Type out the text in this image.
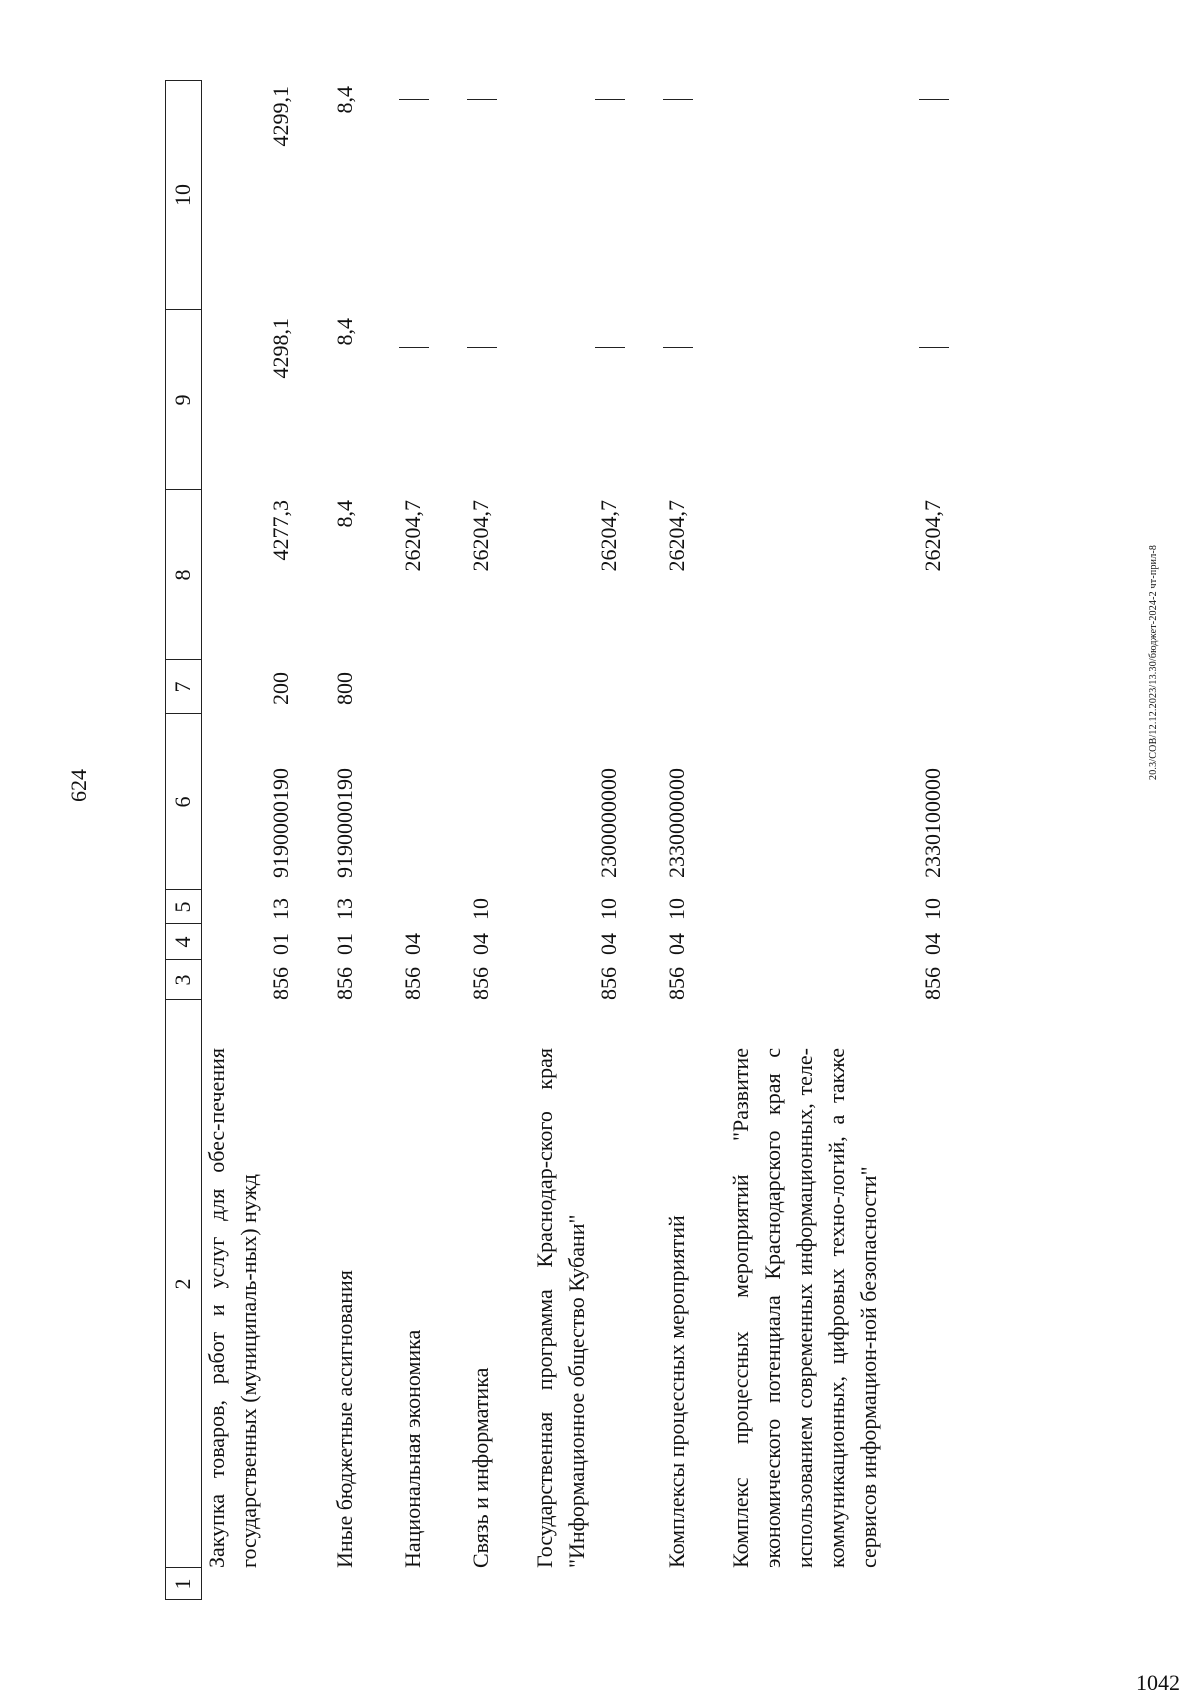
624
20.3/СОВ/12.12.2023/13.30/бюджет-2024-2 чт-прил-8
1042
1
2
3
4
5
6
7
8
9
10
Закупка товаров, работ и услуг для обес-печения государственных (муниципаль-ных) нужд
856
01
13
9190000190
200
4277,3
4298,1
4299,1
Иные бюджетные ассигнования
856
01
13
9190000190
800
8,4
8,4
8,4
Национальная экономика
856
04
26204,7
Связь и информатика
856
04
10
26204,7
Государственная программа Краснодар-ского края "Информационное общество Кубани"
856
04
10
2300000000
26204,7
Комплексы процессных мероприятий
856
04
10
2330000000
26204,7
Комплекс процессных мероприятий "Развитие экономического потенциала Краснодарского края с использованием современных информационных, теле-коммуникационных, цифровых техно-логий, а также сервисов информацион-ной безопасности"
856
04
10
2330100000
26204,7
